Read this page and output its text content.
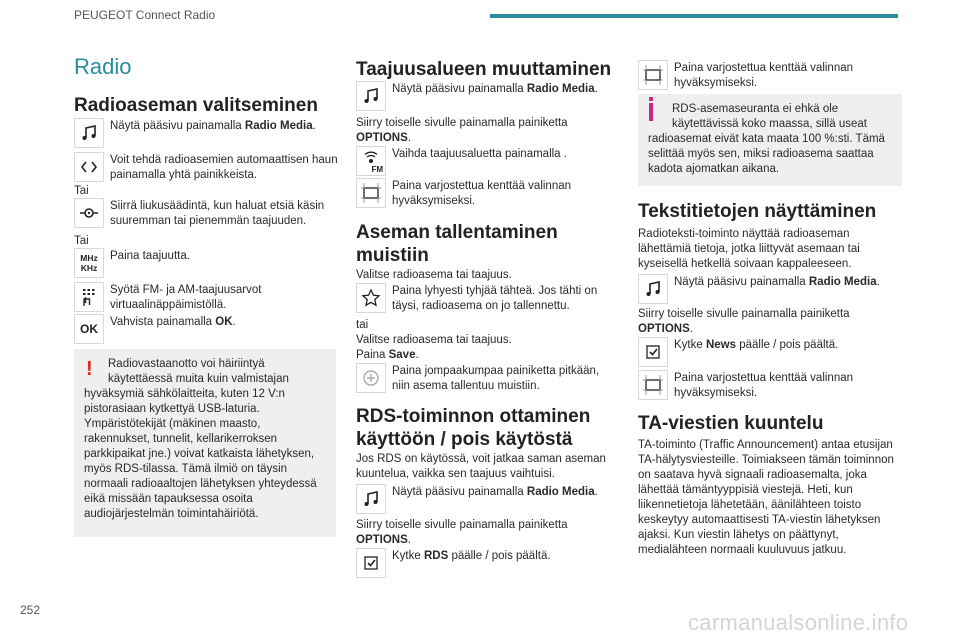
PEUGEOT Connect Radio
Radio
Radioaseman valitseminen
Näytä pääsivu painamalla Radio Media.
Voit tehdä radioasemien automaattisen haun painamalla yhtä painikkeista.
Tai
Siirrä liukusäädintä, kun haluat etsiä käsin suuremman tai pienemmän taajuuden.
Tai
MHz KHz
Paina taajuutta.
Syötä FM- ja AM-taajuusarvot virtuaalinäppäimistöllä.
OK	Vahvista painamalla OK.
!	Radiovastaanotto voi häiriintyä käytettäessä muita kuin valmistajan
hyväksymiä sähkölaitteita, kuten 12 V:n pistorasiaan kytkettyä USB-laturia. Ympäristötekijät (mäkinen maasto, rakennukset, tunnelit, kellarikerroksen parkkipaikat jne.) voivat katkaista lähetyksen, myös RDS-tilassa. Tämä ilmiö on täysin normaali radioaaltojen lähetyksen yhteydessä eikä missään tapauksessa osoita audiojärjestelmän toimintahäiriötä.
Taajuusalueen muuttaminen
Näytä pääsivu painamalla Radio Media.
Siirry toiselle sivulle painamalla painiketta OPTIONS.
FM
Vaihda taajuusaluetta painamalla .
Paina varjostettua kenttää valinnan hyväksymiseksi.
Aseman tallentaminen muistiin
Valitse radioasema tai taajuus.
Paina lyhyesti tyhjää tähteä. Jos tähti on täysi, radioasema on jo tallennettu.
tai
Valitse radioasema tai taajuus.
Paina Save.
Paina jompaakumpaa painiketta pitkään, niin asema tallentuu muistiin.
RDS-toiminnon ottaminen käyttöön / pois käytöstä
Jos RDS on käytössä, voit jatkaa saman aseman kuuntelua, vaikka sen taajuus vaihtuisi.
Näytä pääsivu painamalla Radio Media.
Siirry toiselle sivulle painamalla painiketta OPTIONS.
Kytke RDS päälle / pois päältä.
Paina varjostettua kenttää valinnan hyväksymiseksi.
RDS-asemaseuranta ei ehkä ole käytettävissä koko maassa, sillä useat
radioasemat eivät kata maata 100 %:sti. Tämä selittää myös sen, miksi radioasema saattaa kadota ajomatkan aikana.
Tekstitietojen näyttäminen
Radioteksti-toiminto näyttää radioaseman lähettämiä tietoja, jotka liittyvät asemaan tai kyseisellä hetkellä soivaan kappaleeseen.
Näytä pääsivu painamalla Radio Media.
Siirry toiselle sivulle painamalla painiketta OPTIONS.
Kytke News päälle / pois päältä.
Paina varjostettua kenttää valinnan hyväksymiseksi.
TA-viestien kuuntelu
TA-toiminto (Traffic Announcement) antaa etusijan TA-hälytysviesteille. Toimiakseen tämän toiminnon on saatava hyvä signaali radioasemalta, joka lähettää tämäntyyppisiä viestejä. Heti, kun liikennetietoja lähetetään, äänilähteen toisto keskeytyy automaattisesti TA-viestin lähetyksen ajaksi. Kun viestin lähetys on päättynyt, medialähteen normaali kuuluvuus jatkuu.
252	carmanualsonline.info
